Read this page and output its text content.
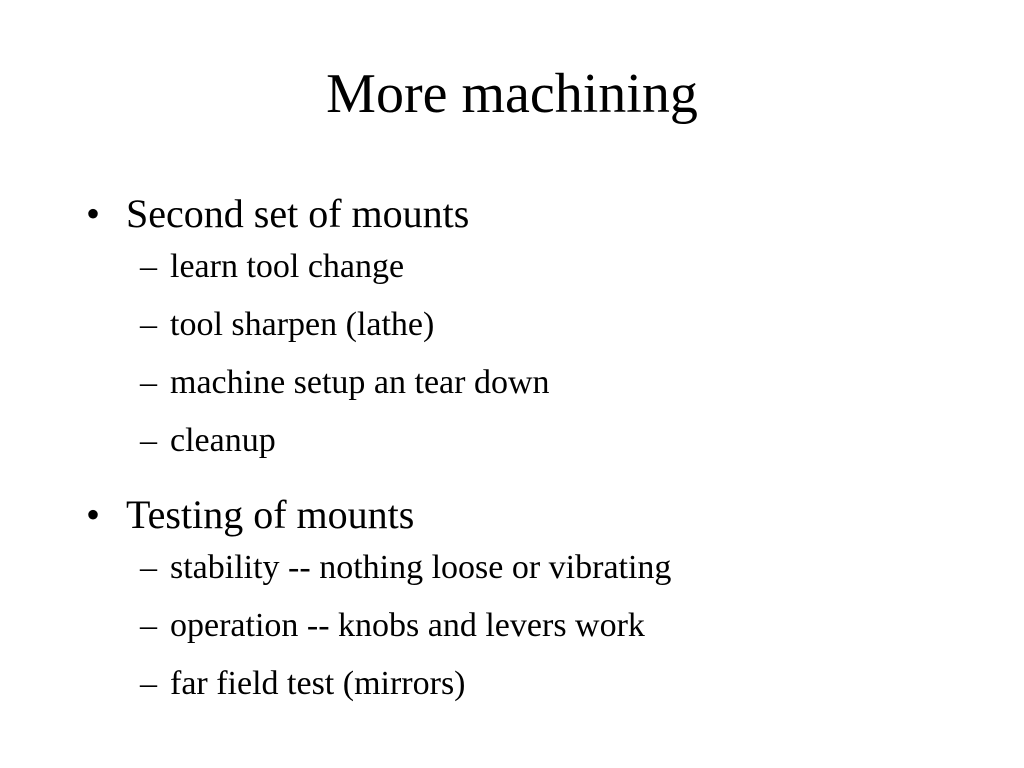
More machining
• Second set of mounts
– learn tool change
– tool sharpen (lathe)
– machine setup an tear down
– cleanup
• Testing of mounts
– stability -- nothing loose or vibrating
– operation -- knobs and levers work
– far field test (mirrors)
